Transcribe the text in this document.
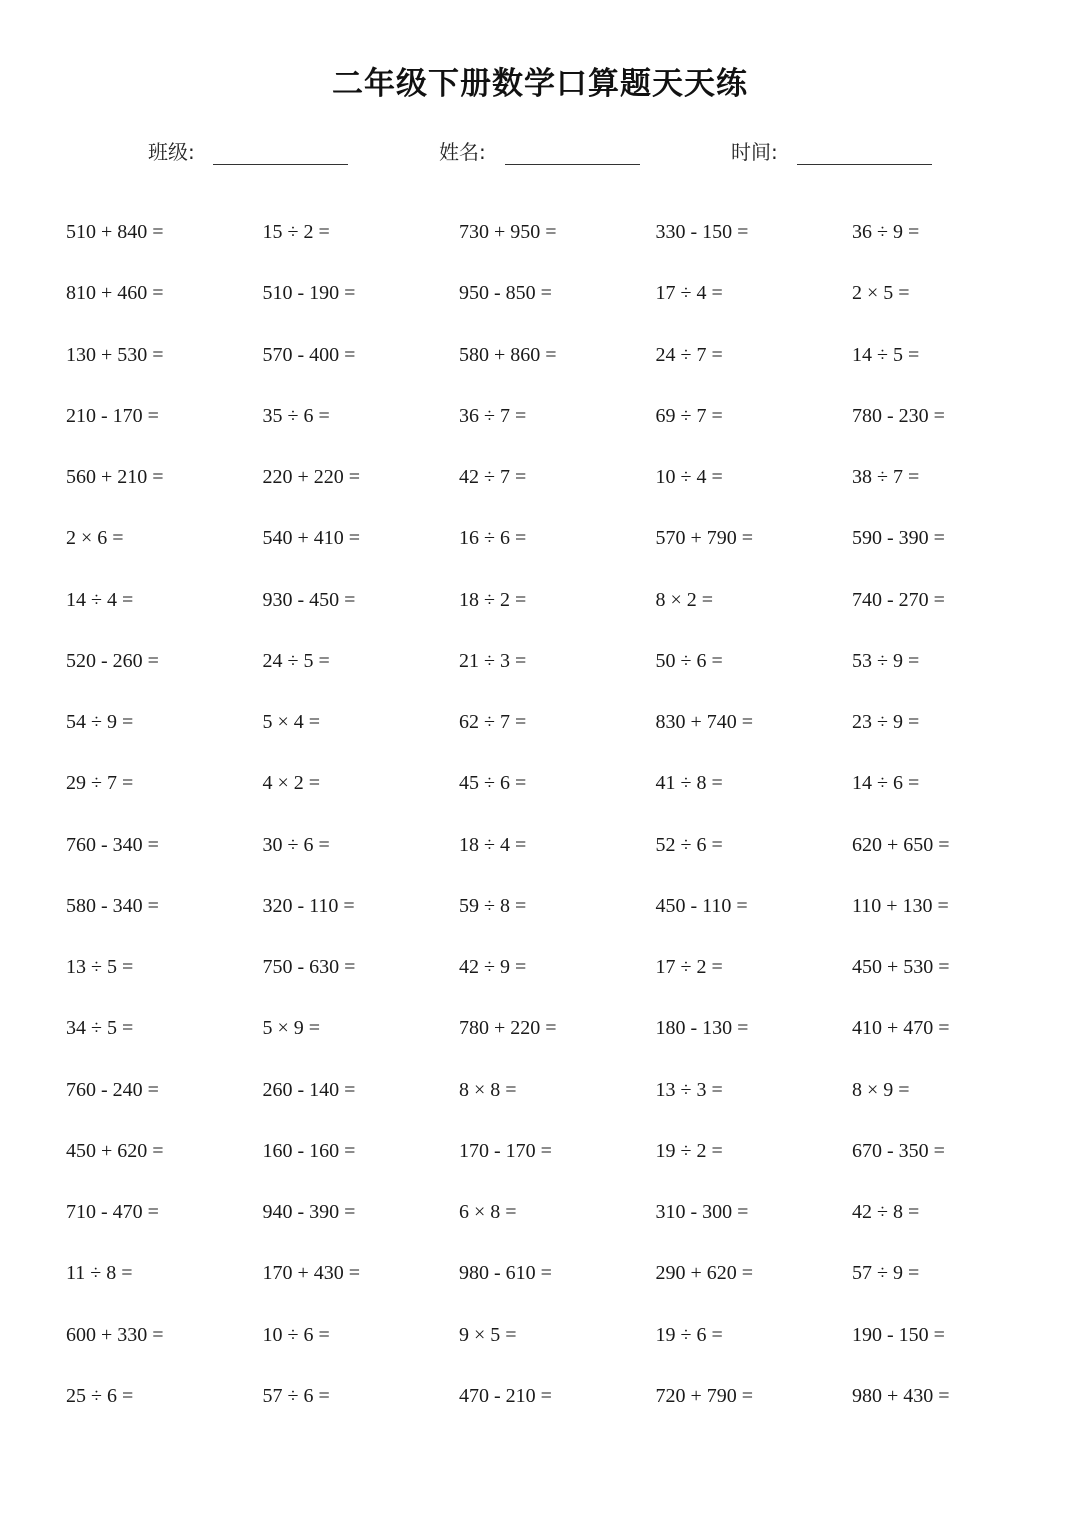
二年级下册数学口算题天天练
班级:	姓名:	时间:
510 + 840 =	15 ÷ 2 =	730 + 950 =	330 - 150 =	36 ÷ 9 =
810 + 460 =	510 - 190 =	950 - 850 =	17 ÷ 4 =	2 × 5 =
130 + 530 =	570 - 400 =	580 + 860 =	24 ÷ 7 =	14 ÷ 5 =
210 - 170 =	35 ÷ 6 =	36 ÷ 7 =	69 ÷ 7 =	780 - 230 =
560 + 210 =	220 + 220 =	42 ÷ 7 =	10 ÷ 4 =	38 ÷ 7 =
2 × 6 =	540 + 410 =	16 ÷ 6 =	570 + 790 =	590 - 390 =
14 ÷ 4 =	930 - 450 =	18 ÷ 2 =	8 × 2 =	740 - 270 =
520 - 260 =	24 ÷ 5 =	21 ÷ 3 =	50 ÷ 6 =	53 ÷ 9 =
54 ÷ 9 =	5 × 4 =	62 ÷ 7 =	830 + 740 =	23 ÷ 9 =
29 ÷ 7 =	4 × 2 =	45 ÷ 6 =	41 ÷ 8 =	14 ÷ 6 =
760 - 340 =	30 ÷ 6 =	18 ÷ 4 =	52 ÷ 6 =	620 + 650 =
580 - 340 =	320 - 110 =	59 ÷ 8 =	450 - 110 =	110 + 130 =
13 ÷ 5 =	750 - 630 =	42 ÷ 9 =	17 ÷ 2 =	450 + 530 =
34 ÷ 5 =	5 × 9 =	780 + 220 =	180 - 130 =	410 + 470 =
760 - 240 =	260 - 140 =	8 × 8 =	13 ÷ 3 =	8 × 9 =
450 + 620 =	160 - 160 =	170 - 170 =	19 ÷ 2 =	670 - 350 =
710 - 470 =	940 - 390 =	6 × 8 =	310 - 300 =	42 ÷ 8 =
11 ÷ 8 =	170 + 430 =	980 - 610 =	290 + 620 =	57 ÷ 9 =
600 + 330 =	10 ÷ 6 =	9 × 5 =	19 ÷ 6 =	190 - 150 =
25 ÷ 6 =	57 ÷ 6 =	470 - 210 =	720 + 790 =	980 + 430 =
